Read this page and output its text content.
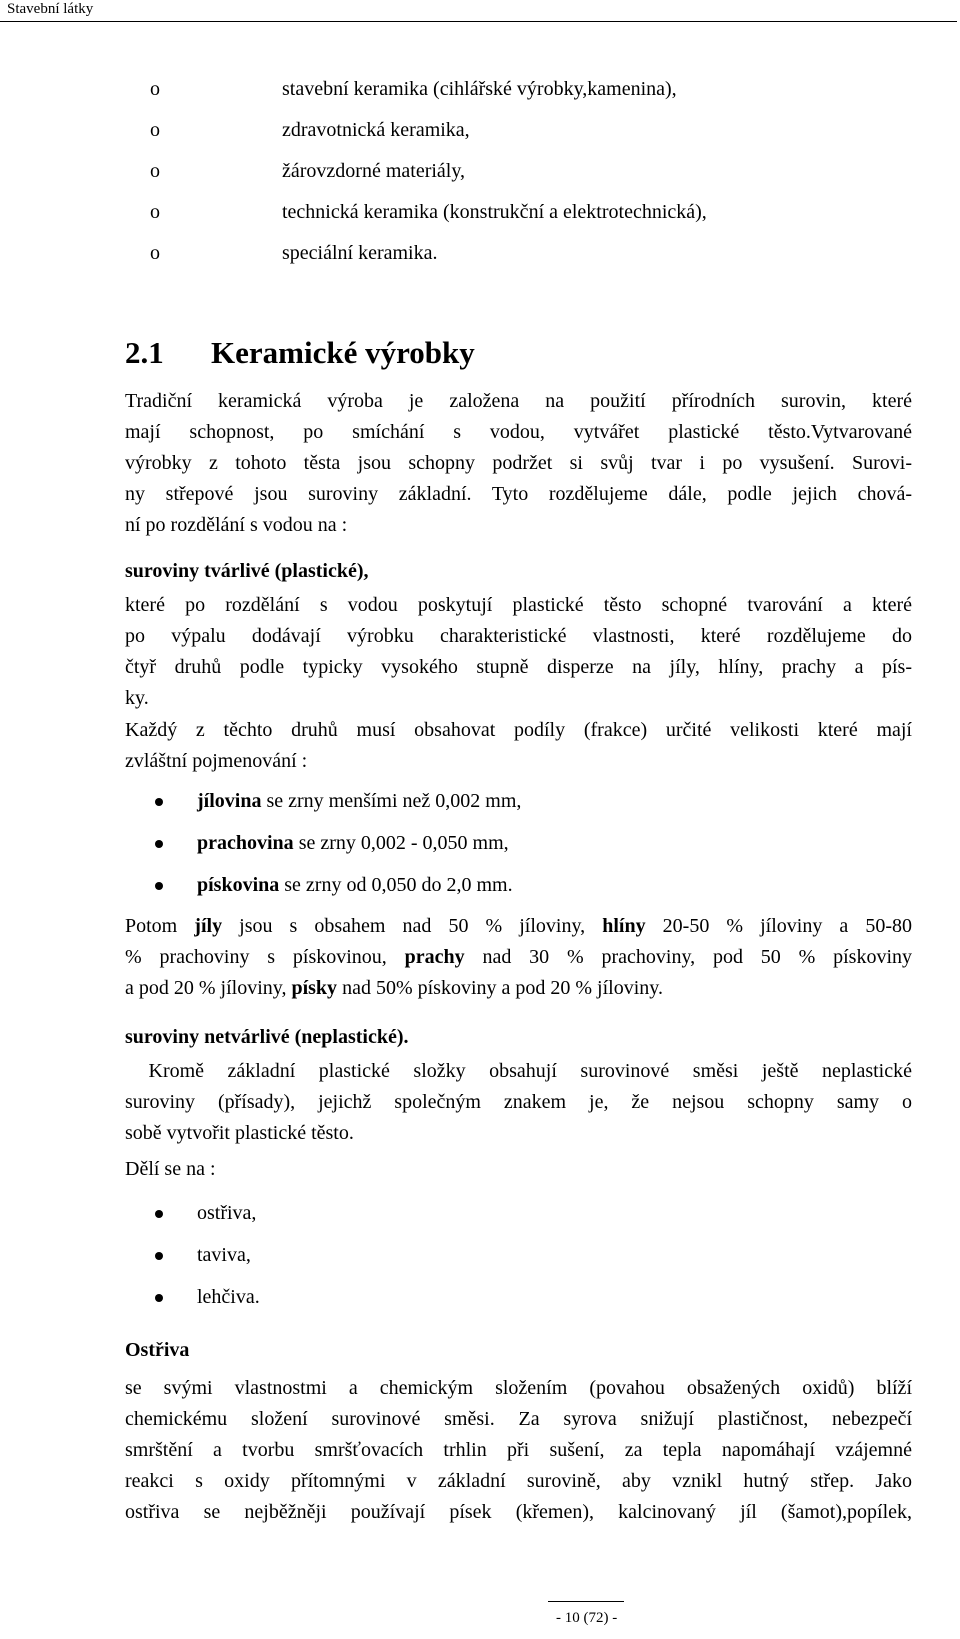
Stavební látky
o	stavební keramika (cihlářské výrobky,kamenina),
o	zdravotnická keramika,
o	žárovzdorné materiály,
o	technická keramika (konstrukční a elektrotechnická),
o	speciální keramika.
2.1 Keramické výrobky
Tradiční keramická výroba je založena na použití přírodních surovin, které
mají schopnost, po smíchání s vodou, vytvářet plastické těsto.Vytvarované
výrobky z tohoto těsta jsou schopny podržet si svůj tvar i po vysušení. Surovi-
ny střepové jsou suroviny základní. Tyto rozdělujeme dále, podle jejich chová-
ní po rozdělání s vodou na :
suroviny tvárlivé (plastické),
které po rozdělání s vodou poskytují plastické těsto schopné tvarování a které
po výpalu dodávají výrobku charakteristické vlastnosti, které rozdělujeme do
čtyř druhů podle typicky vysokého stupně disperze na jíly, hlíny, prachy a pís-
ky.
Každý z těchto druhů musí obsahovat podíly (frakce) určité velikosti které mají
zvláštní pojmenování :
jílovina se zrny menšími než 0,002 mm,
prachovina se zrny 0,002 - 0,050 mm,
pískovina se zrny od 0,050 do 2,0 mm.
Potom jíly jsou s obsahem nad 50 % jíloviny, hlíny 20-50 % jíloviny a 50-80
% prachoviny s pískovinou, prachy nad 30 % prachoviny, pod 50 % pískoviny
a pod 20 % jíloviny, písky nad 50% pískoviny a pod 20 % jíloviny.
suroviny netvárlivé (neplastické).
Kromě základní plastické složky obsahují surovinové směsi ještě neplastické
suroviny (přísady), jejichž společným znakem je, že nejsou schopny samy o
sobě vytvořit plastické těsto.
Dělí se na :
ostřiva,
taviva,
lehčiva.
Ostřiva
se svými vlastnostmi a chemickým složením (povahou obsažených oxidů) blíží
chemickému složení surovinové směsi. Za syrova snižují plastičnost, nebezpečí
smrštění a tvorbu smršťovacích trhlin při sušení, za tepla napomáhají vzájemné
reakci s oxidy přítomnými v základní surovině, aby vznikl hutný střep. Jako
ostřiva se nejběžněji používají písek (křemen), kalcinovaný jíl (šamot),popílek,
- 10 (72) -
